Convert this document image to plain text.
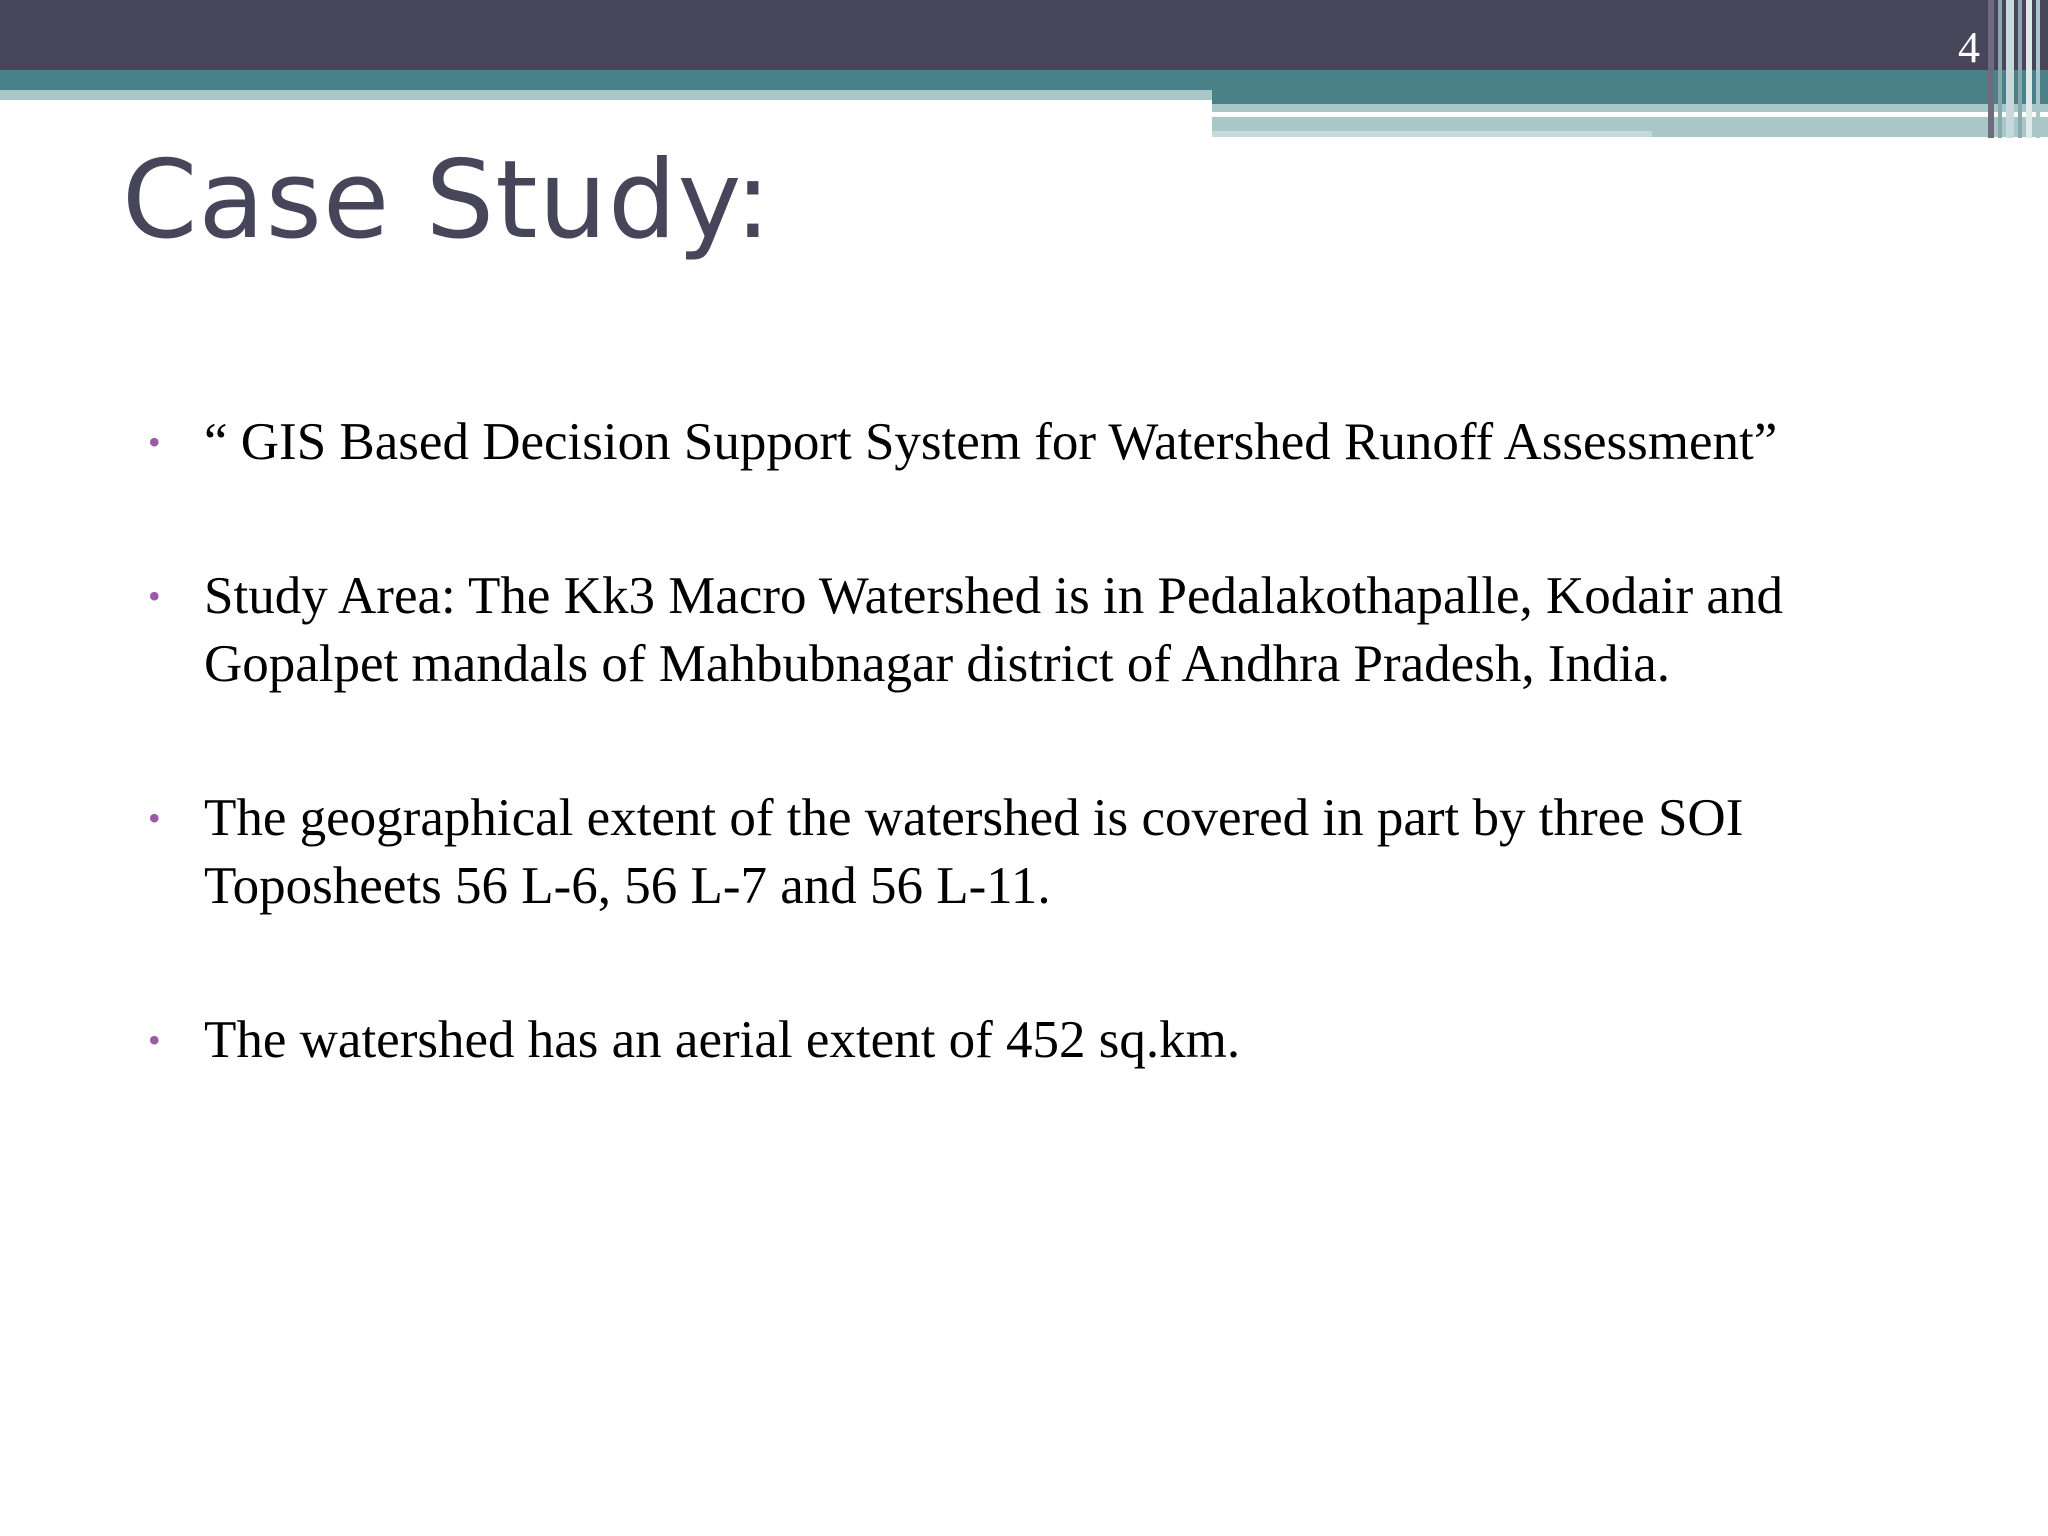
4
Case Study:
• “ GIS Based Decision Support System for Watershed Runoff Assessment”
• Study Area: The Kk3 Macro Watershed is in Pedalakothapalle, Kodair and Gopalpet mandals of Mahbubnagar district of Andhra Pradesh, India.
• The geographical extent of the watershed is covered in part by three SOI Toposheets 56 L-6, 56 L-7 and 56 L-11.
• The watershed has an aerial extent of 452 sq.km.
